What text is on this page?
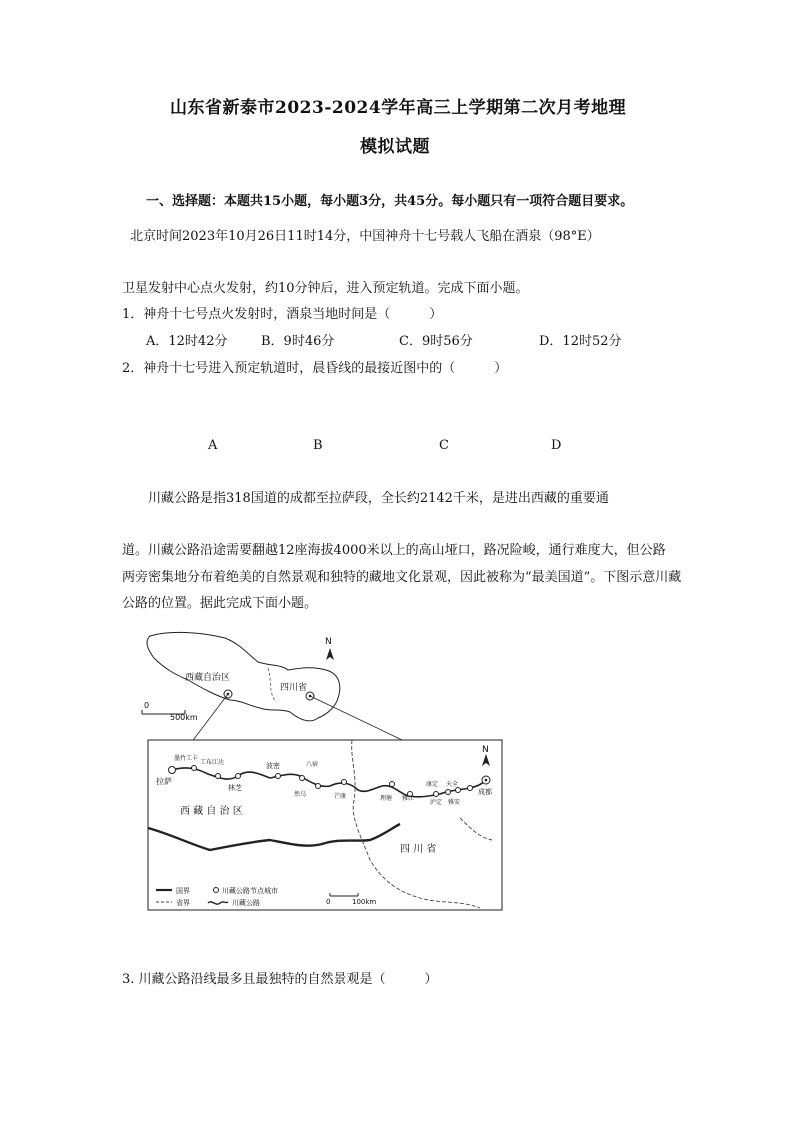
山东省新泰市2023-2024学年高三上学期第二次月考地理
模拟试题
一、选择题：本题共15小题，每小题3分，共45分。每小题只有一项符合题目要求。
北京时间2023年10月26日11时14分，中国神舟十七号载人飞船在酒泉（98°E）
卫星发射中心点火发射，约10分钟后，进入预定轨道。完成下面小题。
1．神舟十七号点火发射时，酒泉当地时间是（　　　）
A．12时42分	B．9时46分	C．9时56分	D．12时52分
2．神舟十七号进入预定轨道时，晨昏线的最接近图中的（　　　）
A	B	C	D
川藏公路是指318国道的成都至拉萨段，全长约2142千米，是进出西藏的重要通
道。川藏公路沿途需要翻越12座海拔4000米以上的高山垭口，路况险峻，通行难度大，但公路
两旁密集地分布着绝美的自然景观和独特的藏地文化景观，因此被称为“最美国道”。下图示意川藏
公路的位置。据此完成下面小题。
西藏自治区
四川省
N
0
500km
拉萨
墨竹工卡
工布江达
林芝
波密	八宿
然乌	芒康	理塘 雅江
康定 天全
泸定 雅安
成都
西 藏 自 治 区
四 川 省
N
0	100km
国界
省界
川藏公路节点城市
川藏公路
3. 川藏公路沿线最多且最独特的自然景观是（　　　）
